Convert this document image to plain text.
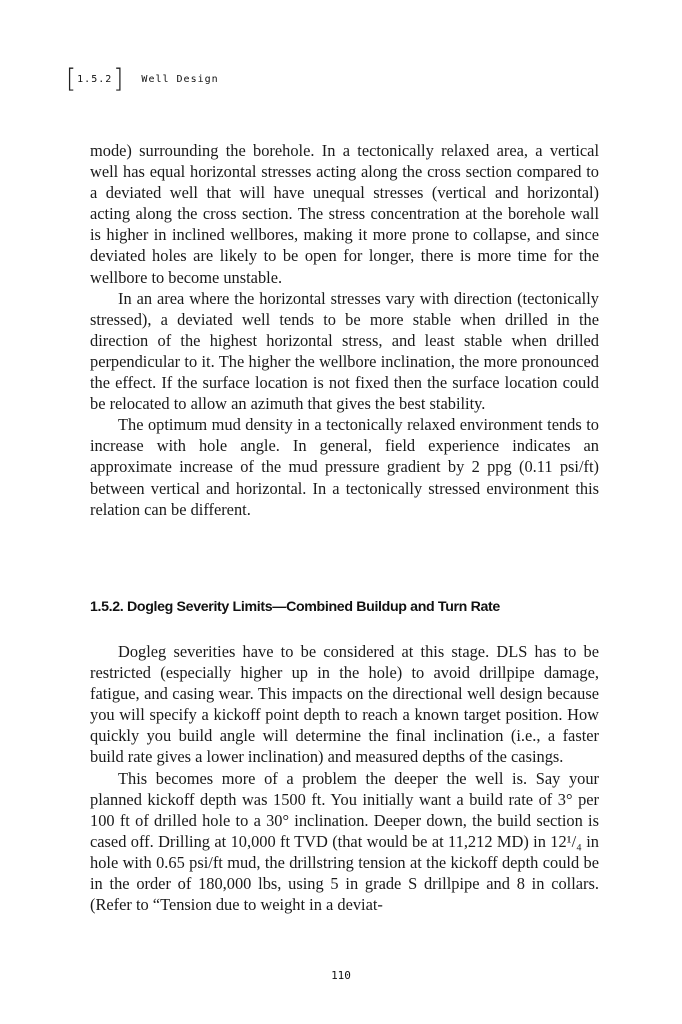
[ 1.5.2 ] Well Design

mode) surrounding the borehole. In a tectonically relaxed area, a vertical well has equal horizontal stresses acting along the cross section compared to a deviated well that will have unequal stresses (vertical and horizontal) acting along the cross section. The stress concentration at the borehole wall is higher in inclined wellbores, making it more prone to collapse, and since deviated holes are likely to be open for longer, there is more time for the wellbore to become unstable.

In an area where the horizontal stresses vary with direction (tectonically stressed), a deviated well tends to be more stable when drilled in the direction of the highest horizontal stress, and least stable when drilled perpendicular to it. The higher the wellbore inclination, the more pronounced the effect. If the surface location is not fixed then the surface location could be relocated to allow an azimuth that gives the best stability.

The optimum mud density in a tectonically relaxed environment tends to increase with hole angle. In general, field experience indicates an approximate increase of the mud pressure gradient by 2 ppg (0.11 psi/ft) between vertical and horizontal. In a tectonically stressed environment this relation can be different.

1.5.2. Dogleg Severity Limits—Combined Buildup and Turn Rate

Dogleg severities have to be considered at this stage. DLS has to be restricted (especially higher up in the hole) to avoid drillpipe damage, fatigue, and casing wear. This impacts on the directional well design because you will specify a kickoff point depth to reach a known target position. How quickly you build angle will determine the final inclination (i.e., a faster build rate gives a lower inclination) and measured depths of the casings.

This becomes more of a problem the deeper the well is. Say your planned kickoff depth was 1500 ft. You initially want a build rate of 3° per 100 ft of drilled hole to a 30° inclination. Deeper down, the build section is cased off. Drilling at 10,000 ft TVD (that would be at 11,212 MD) in 12¹/₄ in hole with 0.65 psi/ft mud, the drillstring tension at the kickoff depth could be in the order of 180,000 lbs, using 5 in grade S drillpipe and 8 in collars. (Refer to “Tension due to weight in a deviat-

110
